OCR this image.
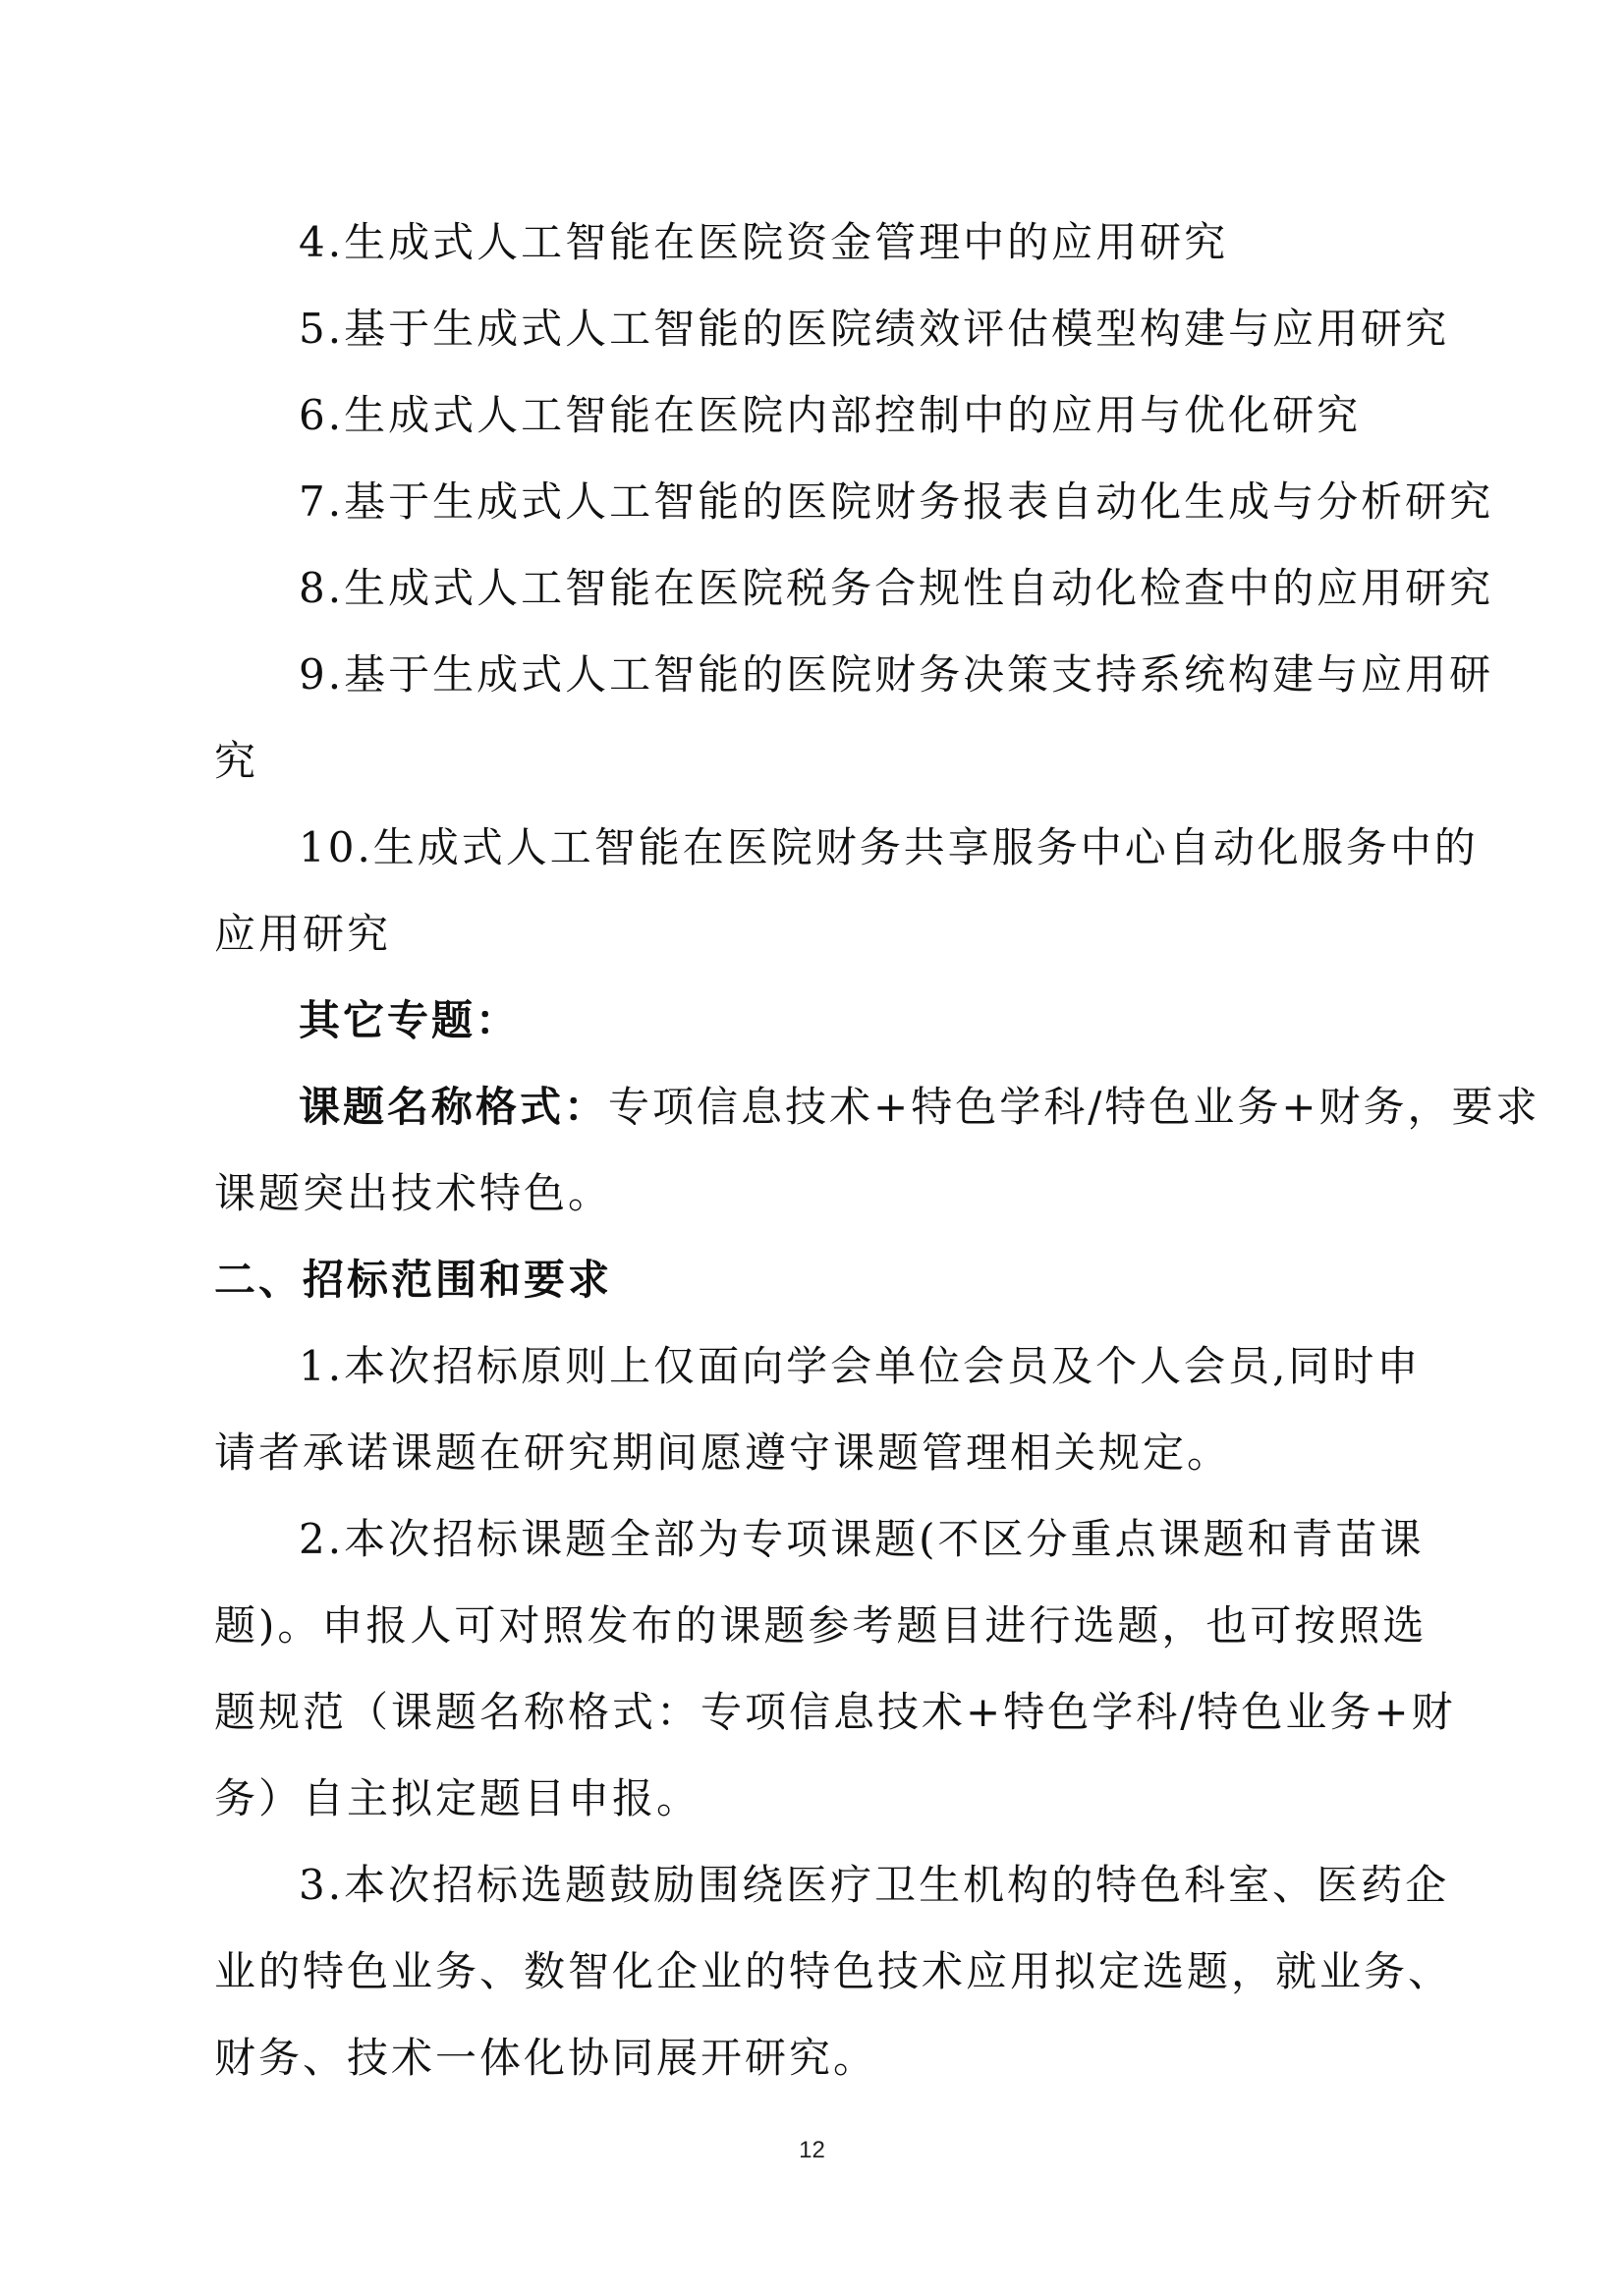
4.生成式人工智能在医院资金管理中的应用研究
5.基于生成式人工智能的医院绩效评估模型构建与应用研究
6.生成式人工智能在医院内部控制中的应用与优化研究
7.基于生成式人工智能的医院财务报表自动化生成与分析研究
8.生成式人工智能在医院税务合规性自动化检查中的应用研究
9.基于生成式人工智能的医院财务决策支持系统构建与应用研
究
10.生成式人工智能在医院财务共享服务中心自动化服务中的
应用研究
其它专题：
课题名称格式：专项信息技术+特色学科/特色业务+财务，要求
课题突出技术特色。
二、招标范围和要求
1.本次招标原则上仅面向学会单位会员及个人会员,同时申
请者承诺课题在研究期间愿遵守课题管理相关规定。
2.本次招标课题全部为专项课题(不区分重点课题和青苗课
题)。申报人可对照发布的课题参考题目进行选题，也可按照选
题规范（课题名称格式：专项信息技术+特色学科/特色业务+财
务）自主拟定题目申报。
3.本次招标选题鼓励围绕医疗卫生机构的特色科室、医药企
业的特色业务、数智化企业的特色技术应用拟定选题，就业务、
财务、技术一体化协同展开研究。
12
